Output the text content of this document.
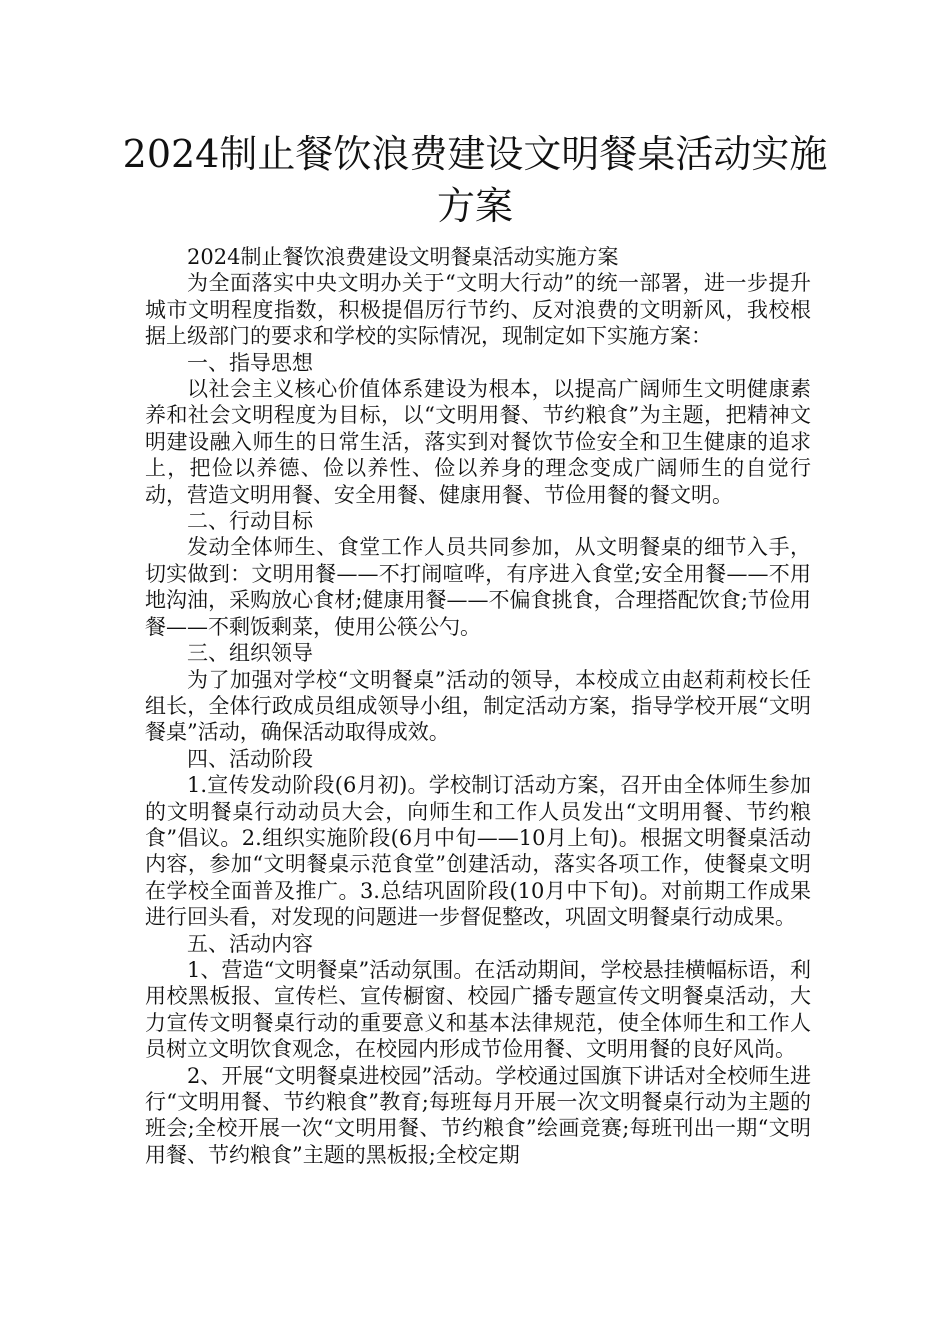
2024制止餐饮浪费建设文明餐桌活动实施方案

2024制止餐饮浪费建设文明餐桌活动实施方案

为全面落实中央文明办关于“文明大行动”的统一部署，进一步提升城市文明程度指数，积极提倡厉行节约、反对浪费的文明新风，我校根据上级部门的要求和学校的实际情况，现制定如下实施方案：

一、指导思想

以社会主义核心价值体系建设为根本，以提高广阔师生文明健康素养和社会文明程度为目标，以“文明用餐、节约粮食”为主题，把精神文明建设融入师生的日常生活，落实到对餐饮节俭安全和卫生健康的追求上，把俭以养德、俭以养性、俭以养身的理念变成广阔师生的自觉行动，营造文明用餐、安全用餐、健康用餐、节俭用餐的餐文明。

二、行动目标

发动全体师生、食堂工作人员共同参加，从文明餐桌的细节入手，切实做到：文明用餐——不打闹喧哗，有序进入食堂;安全用餐——不用地沟油，采购放心食材;健康用餐——不偏食挑食，合理搭配饮食;节俭用餐——不剩饭剩菜，使用公筷公勺。

三、组织领导

为了加强对学校“文明餐桌”活动的领导，本校成立由赵莉莉校长任组长，全体行政成员组成领导小组，制定活动方案，指导学校开展“文明餐桌”活动，确保活动取得成效。

四、活动阶段

1.宣传发动阶段(6月初)。学校制订活动方案，召开由全体师生参加的文明餐桌行动动员大会，向师生和工作人员发出“文明用餐、节约粮食”倡议。2.组织实施阶段(6月中旬——10月上旬)。根据文明餐桌活动内容，参加“文明餐桌示范食堂”创建活动，落实各项工作，使餐桌文明在学校全面普及推广。3.总结巩固阶段(10月中下旬)。对前期工作成果进行回头看，对发现的问题进一步督促整改，巩固文明餐桌行动成果。

五、活动内容

1、营造“文明餐桌”活动氛围。在活动期间，学校悬挂横幅标语，利用校黑板报、宣传栏、宣传橱窗、校园广播专题宣传文明餐桌活动，大力宣传文明餐桌行动的重要意义和基本法律规范，使全体师生和工作人员树立文明饮食观念，在校园内形成节俭用餐、文明用餐的良好风尚。

2、开展“文明餐桌进校园”活动。学校通过国旗下讲话对全校师生进行“文明用餐、节约粮食”教育;每班每月开展一次文明餐桌行动为主题的班会;全校开展一次“文明用餐、节约粮食”绘画竞赛;每班刊出一期“文明用餐、节约粮食”主题的黑板报;全校定期
